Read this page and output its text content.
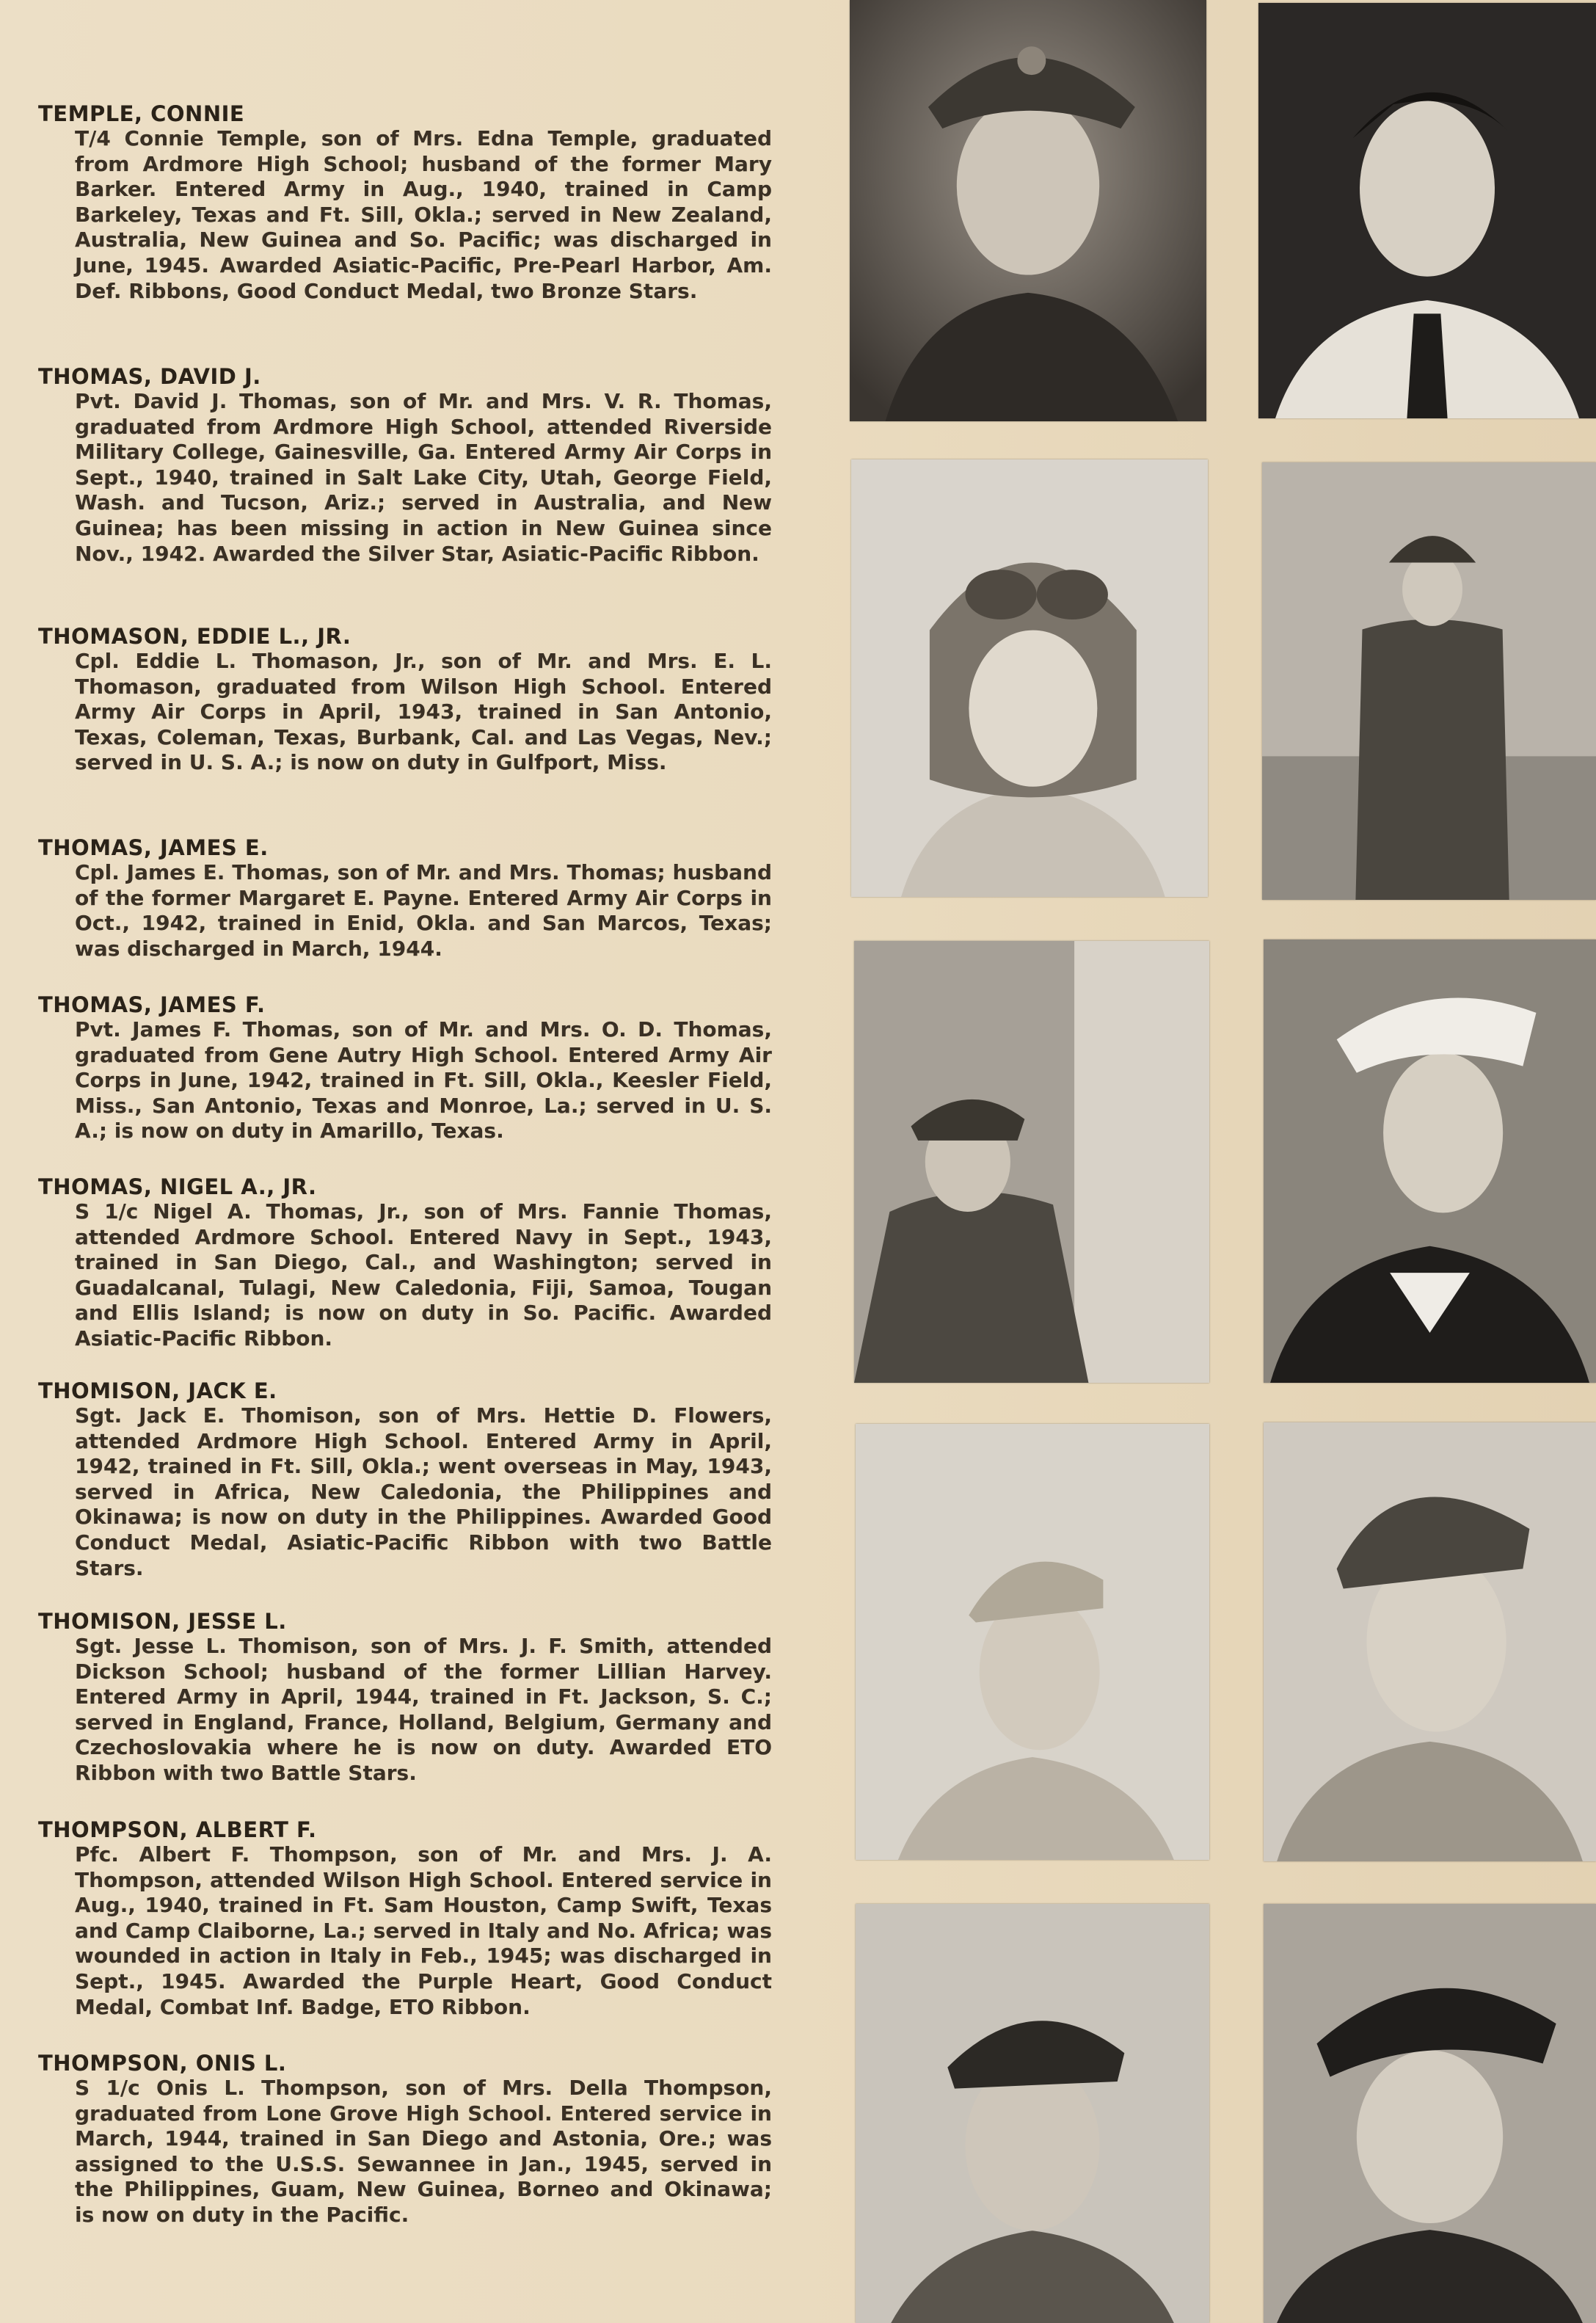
TEMPLE, CONNIE

T/4 Connie Temple, son of Mrs. Edna Temple, graduated from Ardmore High School; husband of the former Mary Barker. Entered Army in Aug., 1940, trained in Camp Barkeley, Texas and Ft. Sill, Okla.; served in New Zealand, Australia, New Guinea and So. Pacific; was discharged in June, 1945. Awarded Asiatic-Pacific, Pre-Pearl Harbor, Am. Def. Ribbons, Good Conduct Medal, two Bronze Stars.

THOMAS, DAVID J.

Pvt. David J. Thomas, son of Mr. and Mrs. V. R. Thomas, graduated from Ardmore High School, attended Riverside Military College, Gainesville, Ga. Entered Army Air Corps in Sept., 1940, trained in Salt Lake City, Utah, George Field, Wash. and Tucson, Ariz.; served in Australia, and New Guinea; has been missing in action in New Guinea since Nov., 1942. Awarded the Silver Star, Asiatic-Pacific Ribbon.

THOMASON, EDDIE L., JR.

Cpl. Eddie L. Thomason, Jr., son of Mr. and Mrs. E. L. Thomason, graduated from Wilson High School. Entered Army Air Corps in April, 1943, trained in San Antonio, Texas, Coleman, Texas, Burbank, Cal. and Las Vegas, Nev.; served in U. S. A.; is now on duty in Gulfport, Miss.

THOMAS, JAMES E.

Cpl. James E. Thomas, son of Mr. and Mrs. Thomas; husband of the former Margaret E. Payne. Entered Army Air Corps in Oct., 1942, trained in Enid, Okla. and San Marcos, Texas; was discharged in March, 1944.

THOMAS, JAMES F.

Pvt. James F. Thomas, son of Mr. and Mrs. O. D. Thomas, graduated from Gene Autry High School. Entered Army Air Corps in June, 1942, trained in Ft. Sill, Okla., Keesler Field, Miss., San Antonio, Texas and Monroe, La.; served in U. S. A.; is now on duty in Amarillo, Texas.

THOMAS, NIGEL A., JR.

S 1/c Nigel A. Thomas, Jr., son of Mrs. Fannie Thomas, attended Ardmore School. Entered Navy in Sept., 1943, trained in San Diego, Cal., and Washington; served in Guadalcanal, Tulagi, New Caledonia, Fiji, Samoa, Tougan and Ellis Island; is now on duty in So. Pacific. Awarded Asiatic-Pacific Ribbon.

THOMISON, JACK E.

Sgt. Jack E. Thomison, son of Mrs. Hettie D. Flowers, attended Ardmore High School. Entered Army in April, 1942, trained in Ft. Sill, Okla.; went overseas in May, 1943, served in Africa, New Caledonia, the Philippines and Okinawa; is now on duty in the Philippines. Awarded Good Conduct Medal, Asiatic-Pacific Ribbon with two Battle Stars.

THOMISON, JESSE L.

Sgt. Jesse L. Thomison, son of Mrs. J. F. Smith, attended Dickson School; husband of the former Lillian Harvey. Entered Army in April, 1944, trained in Ft. Jackson, S. C.; served in England, France, Holland, Belgium, Germany and Czechoslovakia where he is now on duty. Awarded ETO Ribbon with two Battle Stars.

THOMPSON, ALBERT F.

Pfc. Albert F. Thompson, son of Mr. and Mrs. J. A. Thompson, attended Wilson High School. Entered service in Aug., 1940, trained in Ft. Sam Houston, Camp Swift, Texas and Camp Claiborne, La.; served in Italy and No. Africa; was wounded in action in Italy in Feb., 1945; was discharged in Sept., 1945. Awarded the Purple Heart, Good Conduct Medal, Combat Inf. Badge, ETO Ribbon.

THOMPSON, ONIS L.

S 1/c Onis L. Thompson, son of Mrs. Della Thompson, graduated from Lone Grove High School. Entered service in March, 1944, trained in San Diego and Astonia, Ore.; was assigned to the U.S.S. Sewannee in Jan., 1945, served in the Philippines, Guam, New Guinea, Borneo and Okinawa; is now on duty in the Pacific.
